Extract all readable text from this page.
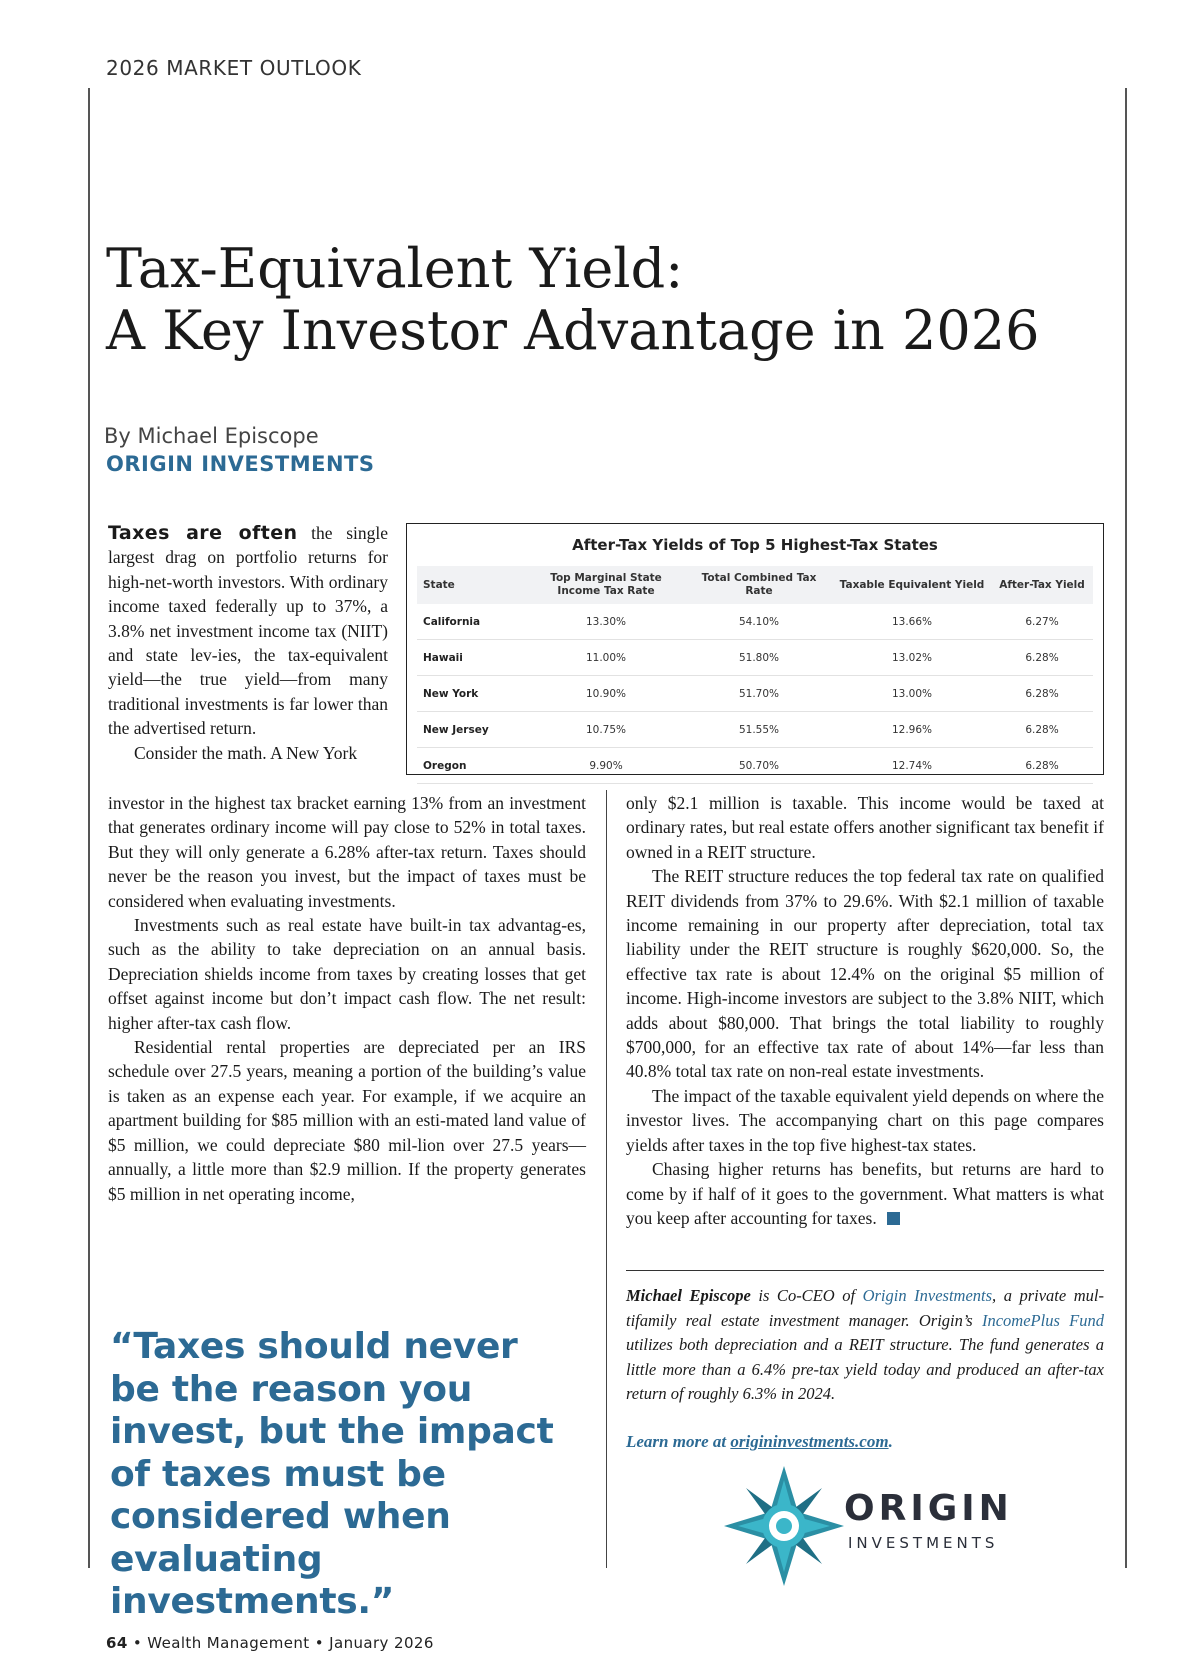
2026 MARKET OUTLOOK
Tax-Equivalent Yield:
A Key Investor Advantage in 2026
By Michael Episcope
ORIGIN INVESTMENTS

Taxes are often the single largest drag on portfolio returns for high-net-worth investors. With ordinary income taxed federally up to 37%, a 3.8% net investment income tax (NIIT) and state lev-ies, the tax-equivalent yield—the true yield—from many traditional investments is far lower than the advertised return.

Consider the math. A New York

After-Tax Yields of Top 5 Highest-Tax States
State	Top Marginal State Income Tax Rate	Total Combined Tax Rate	Taxable Equivalent Yield	After-Tax Yield
California	13.30%	54.10%	13.66%	6.27%
Hawaii	11.00%	51.80%	13.02%	6.28%
New York	10.90%	51.70%	13.00%	6.28%
New Jersey	10.75%	51.55%	12.96%	6.28%
Oregon	9.90%	50.70%	12.74%	6.28%

investor in the highest tax bracket earning 13% from an investment that generates ordinary income will pay close to 52% in total taxes. But they will only generate a 6.28% after-tax return. Taxes should never be the reason you invest, but the impact of taxes must be considered when evaluating investments.

Investments such as real estate have built-in tax advantag-es, such as the ability to take depreciation on an annual basis. Depreciation shields income from taxes by creating losses that get offset against income but don’t impact cash flow. The net result: higher after-tax cash flow.

Residential rental properties are depreciated per an IRS schedule over 27.5 years, meaning a portion of the building’s value is taken as an expense each year. For example, if we acquire an apartment building for $85 million with an esti-mated land value of $5 million, we could depreciate $80 mil-lion over 27.5 years—annually, a little more than $2.9 million. If the property generates $5 million in net operating income,

only $2.1 million is taxable. This income would be taxed at ordinary rates, but real estate offers another significant tax benefit if owned in a REIT structure.

The REIT structure reduces the top federal tax rate on qualified REIT dividends from 37% to 29.6%. With $2.1 million of taxable income remaining in our property after depreciation, total tax liability under the REIT structure is roughly $620,000. So, the effective tax rate is about 12.4% on the original $5 million of income. High-income investors are subject to the 3.8% NIIT, which adds about $80,000. That brings the total liability to roughly $700,000, for an effective tax rate of about 14%—far less than 40.8% total tax rate on non-real estate investments.

The impact of the taxable equivalent yield depends on where the investor lives. The accompanying chart on this page compares yields after taxes in the top five highest-tax states.

Chasing higher returns has benefits, but returns are hard to come by if half of it goes to the government. What matters is what you keep after accounting for taxes.

“Taxes should never be the reason you invest, but the impact of taxes must be considered when evaluating investments.”
Michael Episcope is Co-CEO of Origin Investments, a private mul-tifamily real estate investment manager. Origin’s IncomePlus Fund utilizes both depreciation and a REIT structure. The fund generates a little more than a 6.4% pre-tax yield today and produced an after-tax return of roughly 6.3% in 2024.
Learn more at origininvestments.com.
ORIGIN
INVESTMENTS
64 • Wealth Management • January 2026
